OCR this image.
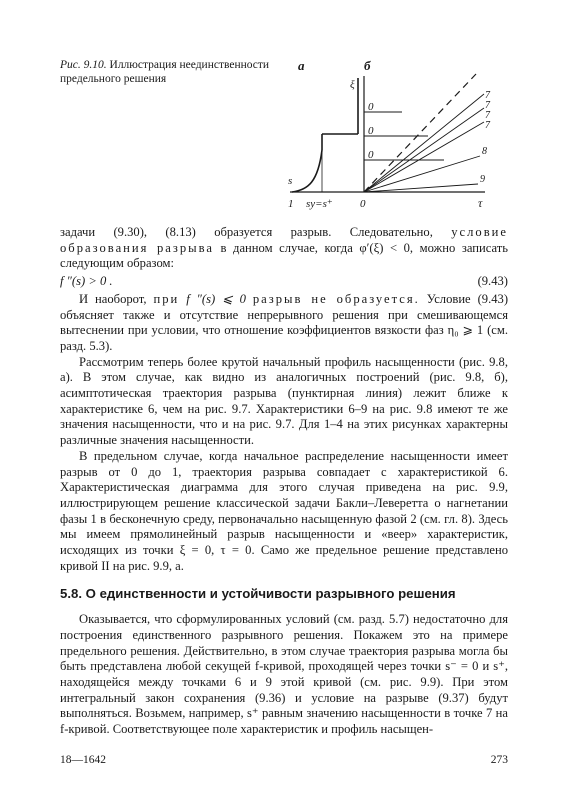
Рис. 9.10. Иллюстрация неединственности предельного решения
а	б
ξ
s
1 sy=s⁺
0
0
0
7
7
7
7
8
9
0	τ

задачи (9.30), (8.13) образуется разрыв. Следовательно, условие образования разрыва в данном случае, когда φ′(ξ) < 0, можно записать следующим образом:

f ″(s) > 0 .	(9.43)

И наоборот, при f ″(s) ⩽ 0 разрыв не образуется. Условие (9.43) объясняет также и отсутствие непрерывного решения при смешивающемся вытеснении при условии, что отношение коэффициентов вязкости фаз η₀ ⩾ 1 (см. разд. 5.3).

Рассмотрим теперь более крутой начальный профиль насыщенности (рис. 9.8, а). В этом случае, как видно из аналогичных построений (рис. 9.8, б), асимптотическая траектория разрыва (пунктирная линия) лежит ближе к характеристике 6, чем на рис. 9.7. Характеристики 6–9 на рис. 9.8 имеют те же значения насыщенности, что и на рис. 9.7. Для 1–4 на этих рисунках характерны различные значения насыщенности.

В предельном случае, когда начальное распределение насыщенности имеет разрыв от 0 до 1, траектория разрыва совпадает с характеристикой 6. Характеристическая диаграмма для этого случая приведена на рис. 9.9, иллюстрирующем решение классической задачи Бакли–Леверетта о нагнетании фазы 1 в бесконечную среду, первоначально насыщенную фазой 2 (см. гл. 8). Здесь мы имеем прямолинейный разрыв насыщенности и «веер» характеристик, исходящих из точки ξ = 0, τ = 0. Само же предельное решение представлено кривой II на рис. 9.9, а.

5.8. О единственности и устойчивости разрывного решения

Оказывается, что сформулированных условий (см. разд. 5.7) недостаточно для построения единственного разрывного решения. Покажем это на примере предельного решения. Действительно, в этом случае траектория разрыва могла бы быть представлена любой секущей f-кривой, проходящей через точки s⁻ = 0 и s⁺, находящейся между точками 6 и 9 этой кривой (см. рис. 9.9). При этом интегральный закон сохранения (9.36) и условие на разрыве (9.37) будут выполняться. Возьмем, например, s⁺ равным значению насыщенности в точке 7 на f-кривой. Соответствующее поле характеристик и профиль насыщен-

18—1642	273
